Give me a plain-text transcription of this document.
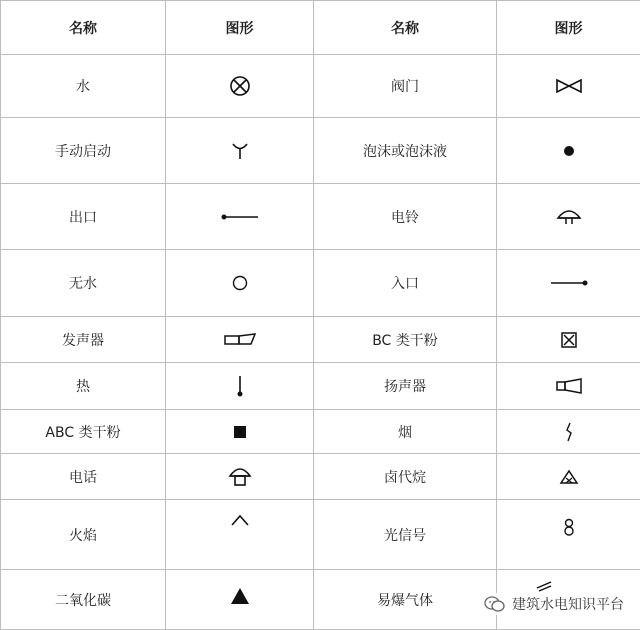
名称	图形	名称	图形
水		阀门	

手动启动		泡沫或泡沫液	

出口		电铃	

无水		入口	

发声器		BC 类干粉	

热		扬声器	

ABC 类干粉		烟	

电话		卤代烷	

火焰		光信号	

二氧化碳		易爆气体		建筑水电知识平台
